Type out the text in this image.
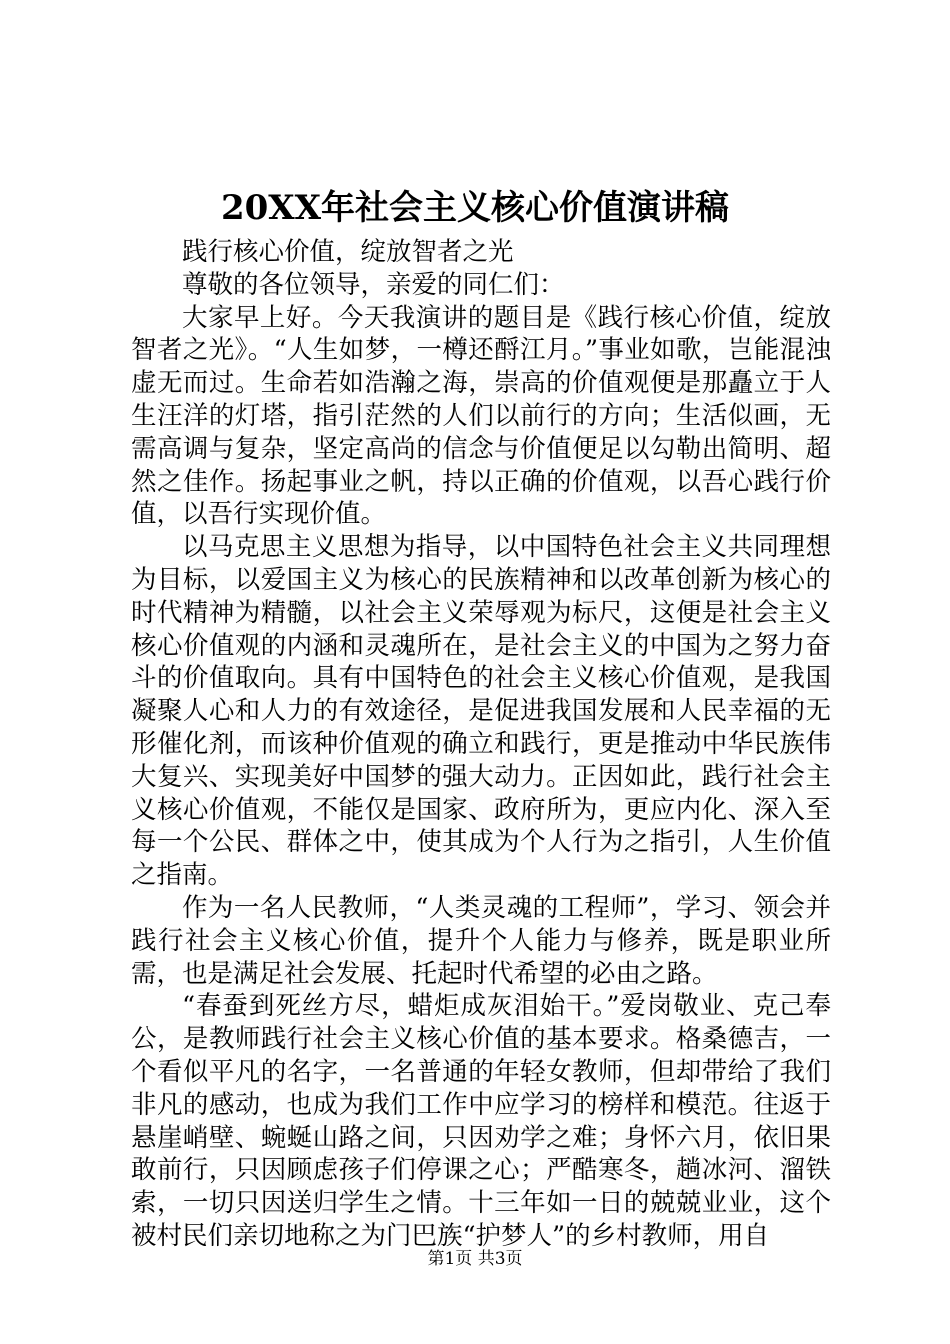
20XX年社会主义核心价值演讲稿

践行核心价值，绽放智者之光

尊敬的各位领导，亲爱的同仁们：

大家早上好。今天我演讲的题目是《践行核心价值，绽放智者之光》。“人生如梦，一樽还酹江月。”事业如歌，岂能混浊虚无而过。生命若如浩瀚之海，崇高的价值观便是那矗立于人生汪洋的灯塔，指引茫然的人们以前行的方向；生活似画，无需高调与复杂，坚定高尚的信念与价值便足以勾勒出简明、超然之佳作。扬起事业之帆，持以正确的价值观，以吾心践行价值，以吾行实现价值。

以马克思主义思想为指导，以中国特色社会主义共同理想为目标，以爱国主义为核心的民族精神和以改革创新为核心的时代精神为精髓，以社会主义荣辱观为标尺，这便是社会主义核心价值观的内涵和灵魂所在，是社会主义的中国为之努力奋斗的价值取向。具有中国特色的社会主义核心价值观，是我国凝聚人心和人力的有效途径，是促进我国发展和人民幸福的无形催化剂，而该种价值观的确立和践行，更是推动中华民族伟大复兴、实现美好中国梦的强大动力。正因如此，践行社会主义核心价值观，不能仅是国家、政府所为，更应内化、深入至每一个公民、群体之中，使其成为个人行为之指引，人生价值之指南。

作为一名人民教师，“人类灵魂的工程师”，学习、领会并践行社会主义核心价值，提升个人能力与修养，既是职业所需，也是满足社会发展、托起时代希望的必由之路。

“春蚕到死丝方尽，蜡炬成灰泪始干。”爱岗敬业、克己奉公，是教师践行社会主义核心价值的基本要求。格桑德吉，一个看似平凡的名字，一名普通的年轻女教师，但却带给了我们非凡的感动，也成为我们工作中应学习的榜样和模范。往返于悬崖峭壁、蜿蜒山路之间，只因劝学之难；身怀六月，依旧果敢前行，只因顾虑孩子们停课之心；严酷寒冬，趟冰河、溜铁索，一切只因送归学生之情。十三年如一日的兢兢业业，这个被村民们亲切地称之为门巴族“护梦人”的乡村教师，用自

第1页 共3页
